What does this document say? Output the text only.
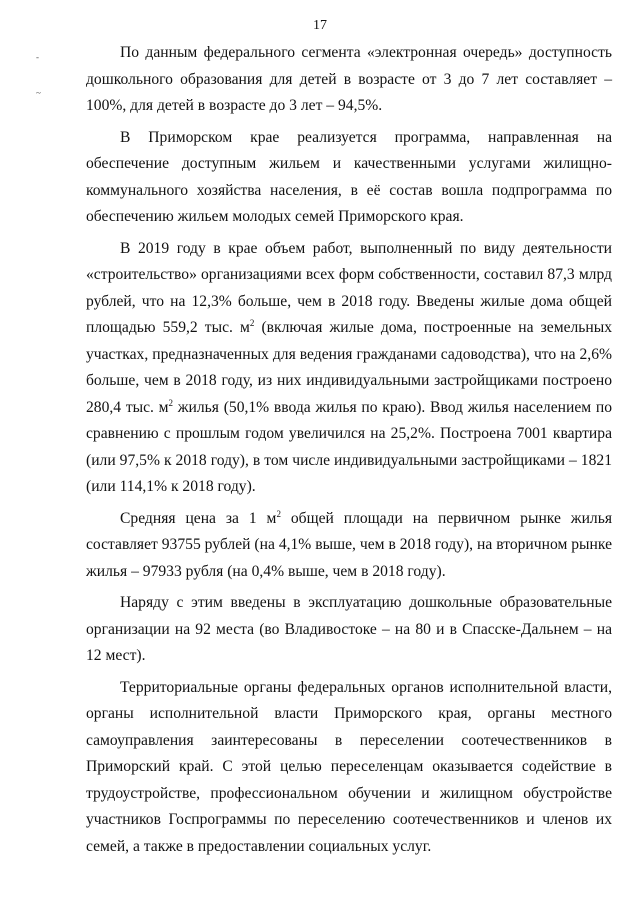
17
-
~

По данным федерального сегмента «электронная очередь» доступность дошкольного образования для детей в возрасте от 3 до 7 лет составляет – 100%, для детей в возрасте до 3 лет – 94,5%.

В Приморском крае реализуется программа, направленная на обеспечение доступным жильем и качественными услугами жилищно-коммунального хозяйства населения, в её состав вошла подпрограмма по обеспечению жильем молодых семей Приморского края.

В 2019 году в крае объем работ, выполненный по виду деятельности «строительство» организациями всех форм собственности, составил 87,3 млрд рублей, что на 12,3% больше, чем в 2018 году. Введены жилые дома общей площадью 559,2 тыс. $м^2$ (включая жилые дома, построенные на земельных участках, предназначенных для ведения гражданами садоводства), что на 2,6% больше, чем в 2018 году, из них индивидуальными застройщиками построено 280,4 тыс. $м^2$ жилья (50,1% ввода жилья по краю). Ввод жилья населением по сравнению с прошлым годом увеличился на 25,2%. Построена 7001 квартира (или 97,5% к 2018 году), в том числе индивидуальными застройщиками – 1821 (или 114,1% к 2018 году).

Средняя цена за 1 $м^2$ общей площади на первичном рынке жилья составляет 93755 рублей (на 4,1% выше, чем в 2018 году), на вторичном рынке жилья – 97933 рубля (на 0,4% выше, чем в 2018 году).

Наряду с этим введены в эксплуатацию дошкольные образовательные организации на 92 места (во Владивостоке – на 80 и в Спасске-Дальнем – на 12 мест).

Территориальные органы федеральных органов исполнительной власти, органы исполнительной власти Приморского края, органы местного самоуправления заинтересованы в переселении соотечественников в Приморский край. С этой целью переселенцам оказывается содействие в трудоустройстве, профессиональном обучении и жилищном обустройстве участников Госпрограммы по переселению соотечественников и членов их семей, а также в предоставлении социальных услуг.
